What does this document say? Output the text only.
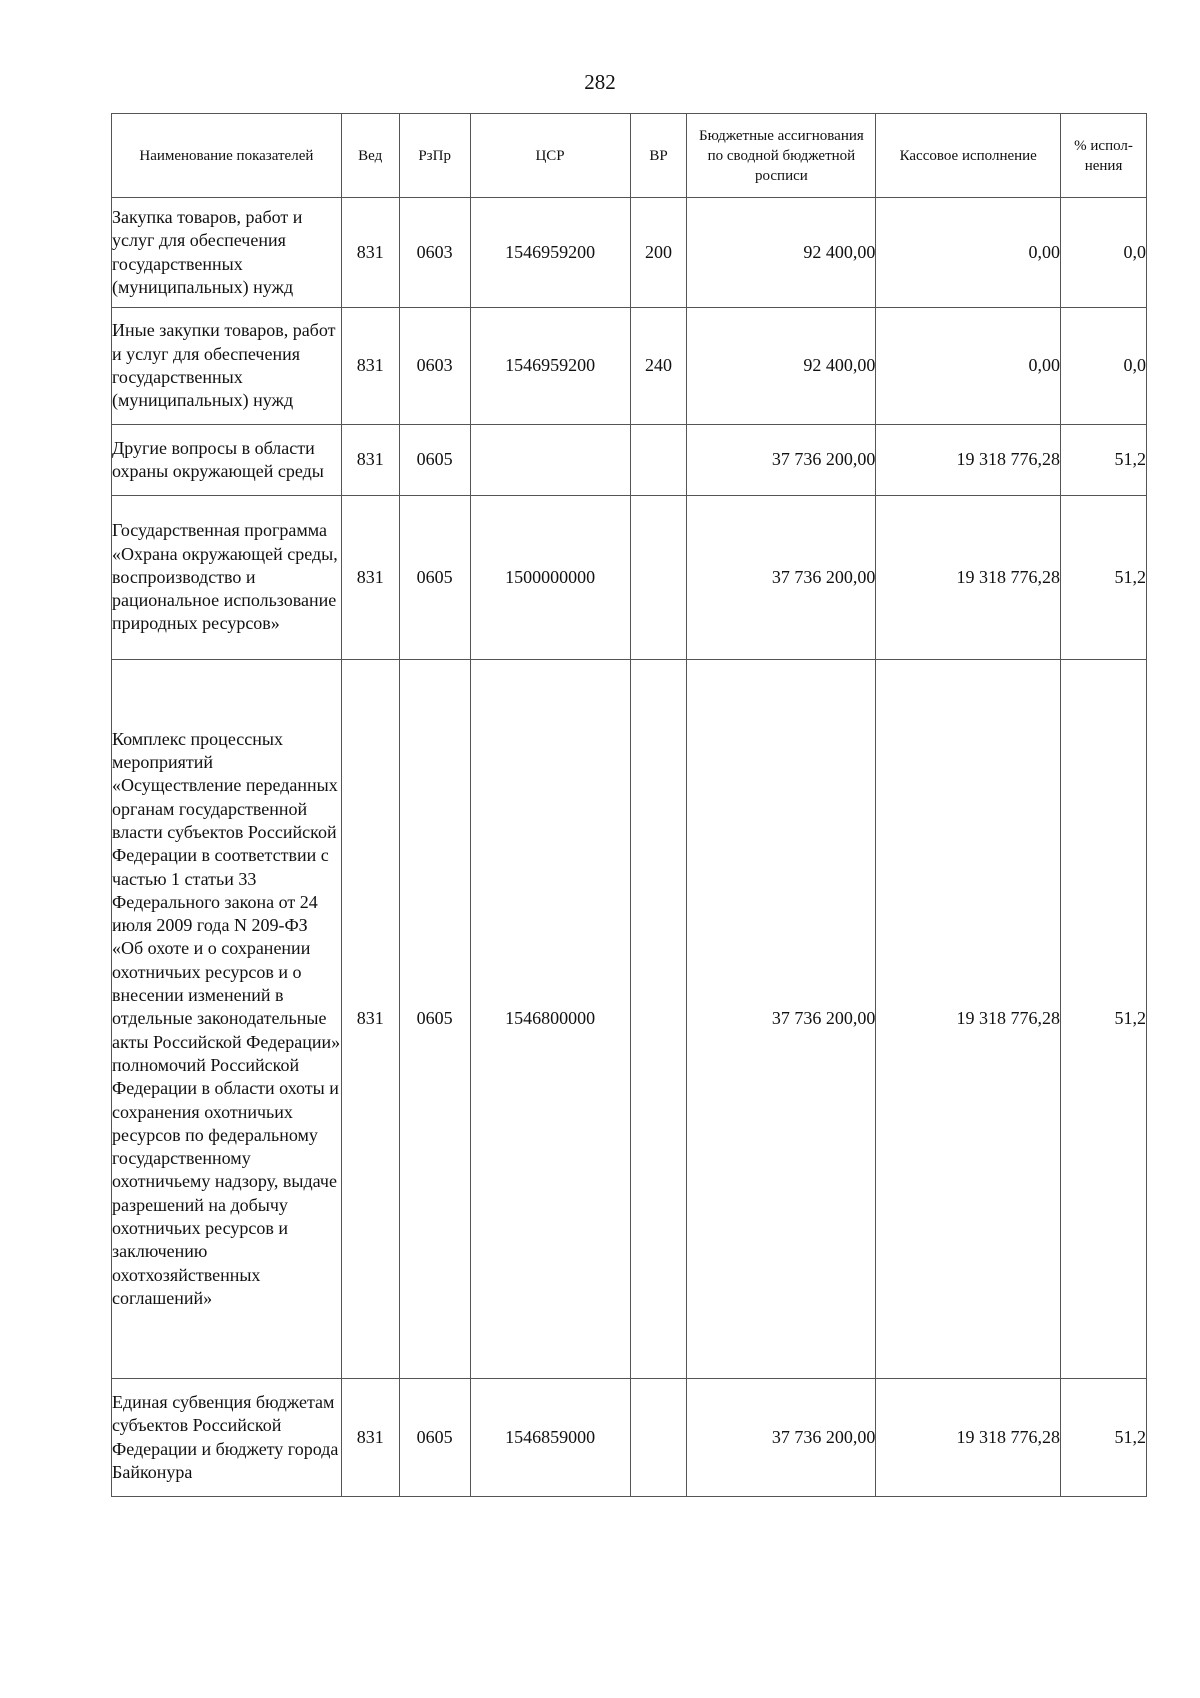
282
Наименование показателей	Вед	РзПр	ЦСР	ВР	Бюджетные ассигнования по сводной бюджетной росписи	Кассовое исполнение	% испол-нения
Закупка товаров, работ и услуг для обеспечения государственных (муниципальных) нужд	831	0603	1546959200	200	92 400,00	0,00	0,0
Иные закупки товаров, работ и услуг для обеспечения государственных (муниципальных) нужд	831	0603	1546959200	240	92 400,00	0,00	0,0
Другие вопросы в области охраны окружающей среды	831	0605			37 736 200,00	19 318 776,28	51,2
Государственная программа «Охрана окружающей среды, воспроизводство и рациональное использование природных ресурсов»	831	0605	1500000000		37 736 200,00	19 318 776,28	51,2
Комплекс процессных мероприятий «Осуществление переданных органам государственной власти субъектов Российской Федерации в соответствии с частью 1 статьи 33 Федерального закона от 24 июля 2009 года N 209-ФЗ «Об охоте и о сохранении охотничьих ресурсов и о внесении изменений в отдельные законодательные акты Российской Федерации» полномочий Российской Федерации в области охоты и сохранения охотничьих ресурсов по федеральному государственному охотничьему надзору, выдаче разрешений на добычу охотничьих ресурсов и заключению охотхозяйственных соглашений»	831	0605	1546800000		37 736 200,00	19 318 776,28	51,2
Единая субвенция бюджетам субъектов Российской Федерации и бюджету города Байконура	831	0605	1546859000		37 736 200,00	19 318 776,28	51,2
